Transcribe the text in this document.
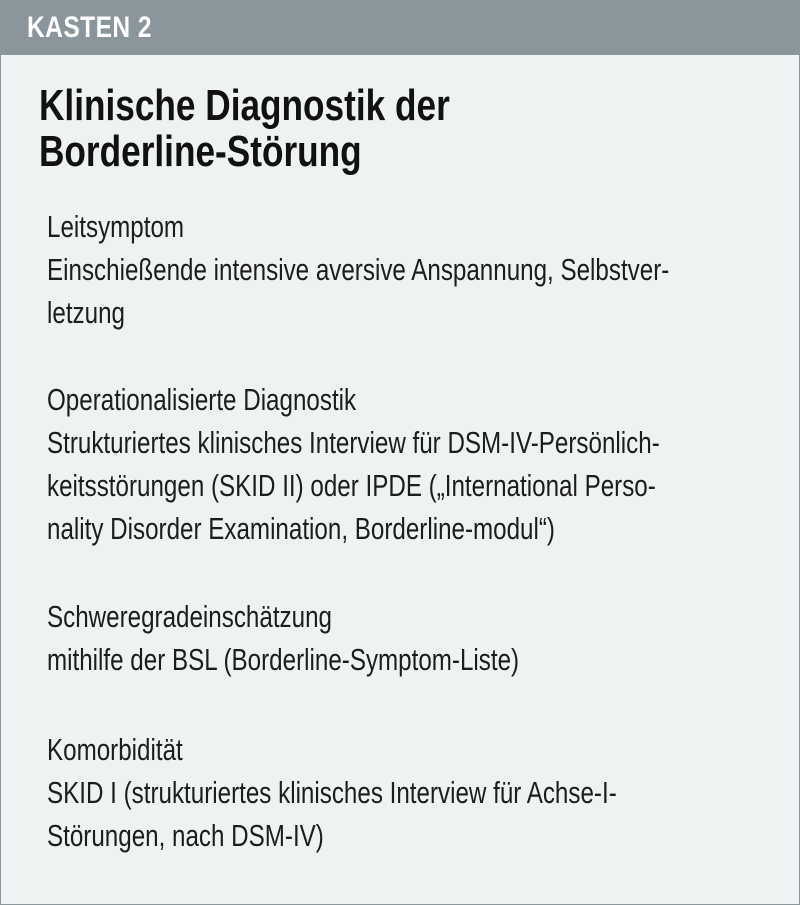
KASTEN 2
Klinische Diagnostik der
Borderline-Störung
Leitsymptom
Einschießende intensive aversive Anspannung, Selbstver-
letzung
Operationalisierte Diagnostik
Strukturiertes klinisches Interview für DSM-IV-Persönlich-
keitsstörungen (SKID II) oder IPDE („International Perso-
nality Disorder Examination, Borderline-modul“)
Schweregradeinschätzung
mithilfe der BSL (Borderline-Symptom-Liste)
Komorbidität
SKID I (strukturiertes klinisches Interview für Achse-I-
Störungen, nach DSM-IV)
